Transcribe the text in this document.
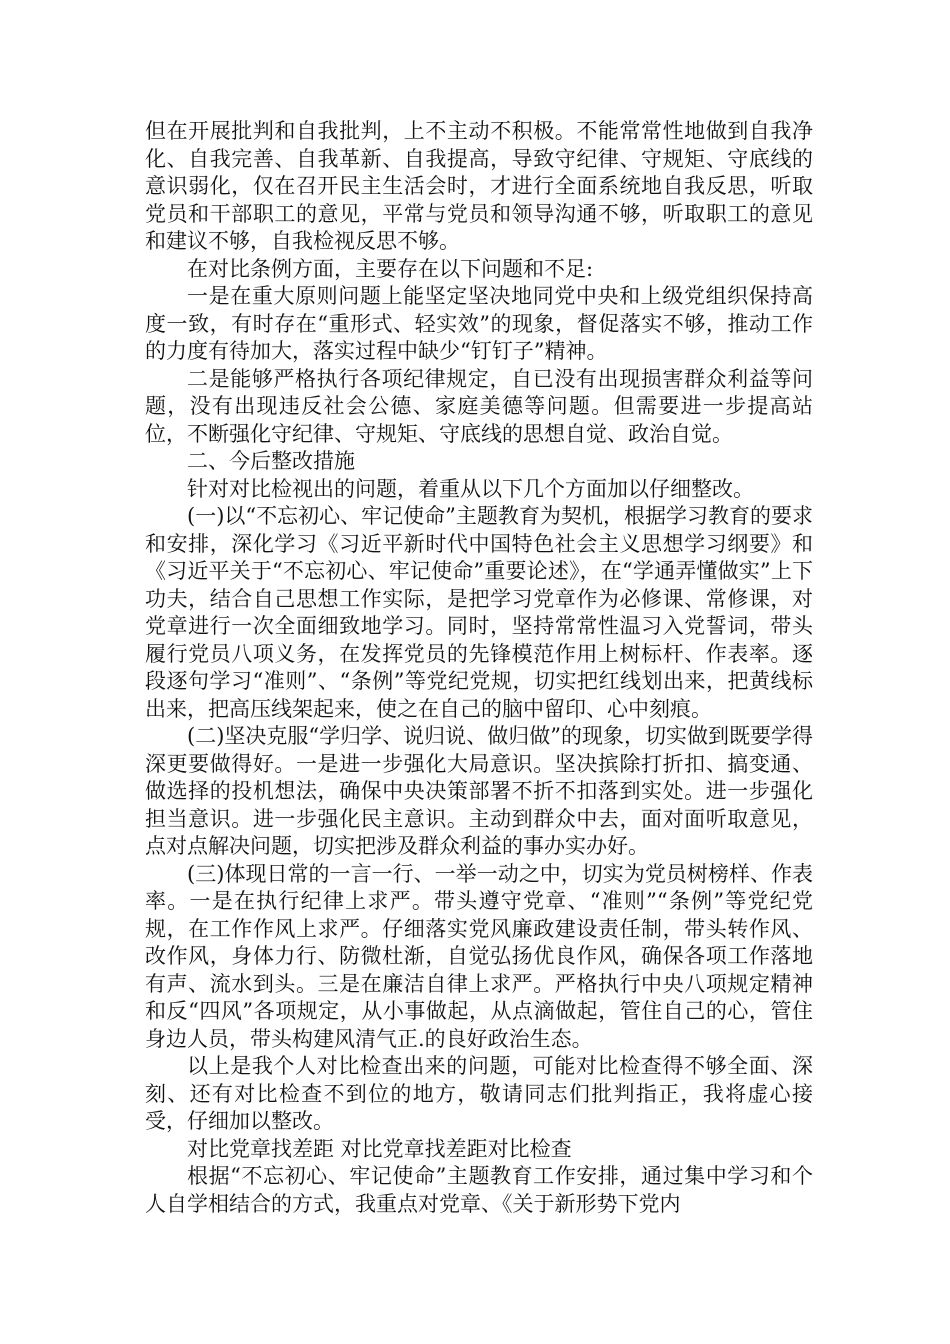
但在开展批判和自我批判，上不主动不积极。不能常常性地做到自我净化、自我完善、自我革新、自我提高，导致守纪律、守规矩、守底线的意识弱化，仅在召开民主生活会时，才进行全面系统地自我反思，听取党员和干部职工的意见，平常与党员和领导沟通不够，听取职工的意见和建议不够，自我检视反思不够。

在对比条例方面，主要存在以下问题和不足:

一是在重大原则问题上能坚定坚决地同党中央和上级党组织保持高度一致，有时存在“重形式、轻实效”的现象，督促落实不够，推动工作的力度有待加大，落实过程中缺少“钉钉子”精神。

二是能够严格执行各项纪律规定，自已没有出现损害群众利益等问题，没有出现违反社会公德、家庭美德等问题。但需要进一步提高站位，不断强化守纪律、守规矩、守底线的思想自觉、政治自觉。

二、今后整改措施

针对对比检视出的问题，着重从以下几个方面加以仔细整改。

(一)以“不忘初心、牢记使命”主题教育为契机，根据学习教育的要求和安排，深化学习《习近平新时代中国特色社会主义思想学习纲要》和《习近平关于“不忘初心、牢记使命”重要论述》，在“学通弄懂做实”上下功夫，结合自己思想工作实际，是把学习党章作为必修课、常修课，对党章进行一次全面细致地学习。同时，坚持常常性温习入党誓词，带头履行党员八项义务，在发挥党员的先锋模范作用上树标杆、作表率。逐段逐句学习“准则”、“条例”等党纪党规，切实把红线划出来，把黄线标出来，把高压线架起来，使之在自己的脑中留印、心中刻痕。

(二)坚决克服“学归学、说归说、做归做”的现象，切实做到既要学得深更要做得好。一是进一步强化大局意识。坚决摈除打折扣、搞变通、做选择的投机想法，确保中央决策部署不折不扣落到实处。进一步强化担当意识。进一步强化民主意识。主动到群众中去，面对面听取意见，点对点解决问题，切实把涉及群众利益的事办实办好。

(三)体现日常的一言一行、一举一动之中，切实为党员树榜样、作表率。一是在执行纪律上求严。带头遵守党章、“准则”“条例”等党纪党规，在工作作风上求严。仔细落实党风廉政建设责任制，带头转作风、改作风，身体力行、防微杜渐，自觉弘扬优良作风，确保各项工作落地有声、流水到头。三是在廉洁自律上求严。严格执行中央八项规定精神和反“四风”各项规定，从小事做起，从点滴做起，管住自己的心，管住身边人员，带头构建风清气正.的良好政治生态。

以上是我个人对比检查出来的问题，可能对比检查得不够全面、深刻、还有对比检查不到位的地方，敬请同志们批判指正，我将虚心接受，仔细加以整改。

对比党章找差距 对比党章找差距对比检查

根据“不忘初心、牢记使命”主题教育工作安排，通过集中学习和个人自学相结合的方式，我重点对党章、《关于新形势下党内
